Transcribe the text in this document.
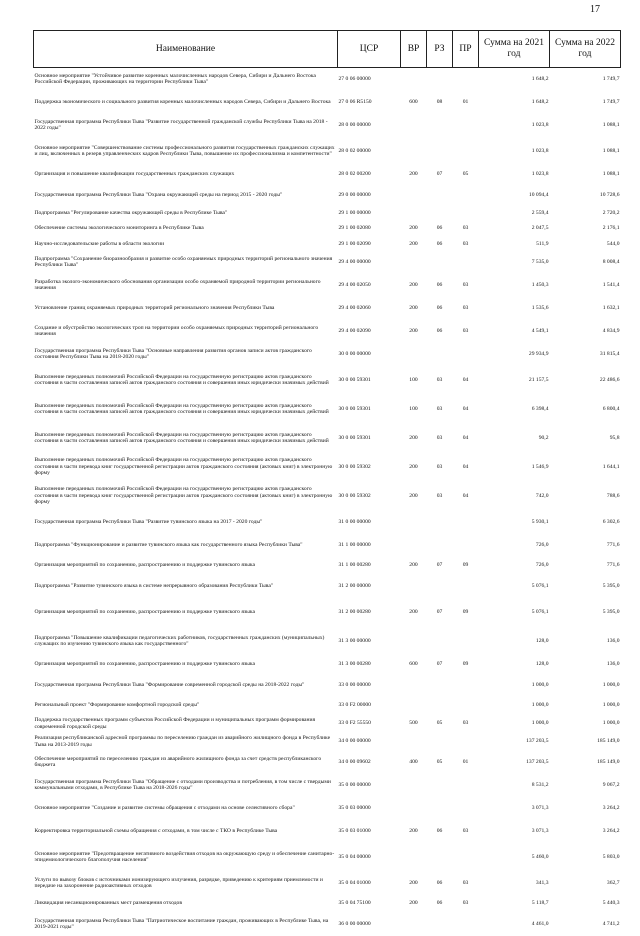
17
Наименование	ЦСР	ВР	РЗ	ПР	Сумма на 2021 год	Сумма на 2022 год
Основное мероприятие "Устойчивое развитие коренных малочисленных народов Севера, Сибири и Дальнего Востока Российской Федерации, проживающих на территории Республики Тыва"	27 0 06 00000				1 648,2	1 749,7
Поддержка экономического и социального развития коренных малочисленных народов Севера, Сибири и Дальнего Востока	27 0 06 R5150	600	08	01	1 648,2	1 749,7
Государственная программа Республики Тыва "Развитие государственной гражданской службы Республики Тыва на 2018 - 2022 годы"	28 0 00 00000				1 023,8	1 088,1
Основное мероприятие "Совершенствование системы профессионального развития государственных гражданских служащих и лиц, включенных в резерв управленческих кадров Республики Тыва, повышение их профессионализма и компетентности"	28 0 02 00000				1 023,8	1 088,1
Организация и повышение квалификации государственных гражданских служащих	28 0 02 00200	200	07	05	1 023,8	1 088,1
Государственная программа Республики Тыва "Охрана окружающей среды на период 2015 - 2020 годы"	29 0 00 00000				10 094,4	10 728,6
Подпрограмма "Регулирование качества окружающей среды в Республике Тыва"	29 1 00 00000				2 559,4	2 720,2
Обеспечение системы экологического мониторинга в Республике Тыва	29 1 00 02080	200	06	03	2 047,5	2 176,1
Научно-исследовательские работы в области экологии	29 1 00 02090	200	06	03	511,9	544,0
Подпрограмма "Сохранение биоразнообразия и развитие особо охраняемых природных территорий регионального значения Республики Тыва"	29 4 00 00000				7 535,0	8 008,4
Разработка эколого-экономического обоснования организации особо охраняемой природной территории регионального значения	29 4 00 02050	200	06	03	1 450,3	1 541,4
Установление границ охраняемых природных территорий регионального значения Республики Тыва	29 4 00 02060	200	06	03	1 535,6	1 632,1
Создание и обустройство экологических троп на территории особо охраняемых природных территорий регионального значения	29 4 00 02090	200	06	03	4 549,1	4 834,9
Государственная программа Республики Тыва "Основные направления развития органов записи актов гражданского состояния Республики Тыва на 2018-2020 годы"	30 0 00 00000				29 934,9	31 815,4
Выполнение переданных полномочий Российской Федерации на государственную регистрацию актов гражданского состояния в части составления записей актов гражданского состояния и совершения иных юридически значимых действий	30 0 00 59301	100	03	04	21 157,5	22 486,6
Выполнение переданных полномочий Российской Федерации на государственную регистрацию актов гражданского состояния в части составления записей актов гражданского состояния и совершения иных юридически значимых действий	30 0 00 59301	100	03	04	6 398,4	6 800,4
Выполнение переданных полномочий Российской Федерации на государственную регистрацию актов гражданского состояния в части составления записей актов гражданского состояния и совершения иных юридически значимых действий	30 0 00 59301	200	03	04	90,2	95,8
Выполнение переданных полномочий Российской Федерации на государственную регистрацию актов гражданского состояния в части перевода книг государственной регистрации актов гражданского состояния (актовых книг) в электронную форму	30 0 00 59302	200	03	04	1 546,9	1 644,1
Выполнение переданных полномочий Российской Федерации на государственную регистрацию актов гражданского состояния в части перевода книг государственной регистрации актов гражданского состояния (актовых книг) в электронную форму	30 0 00 59302	200	03	04	742,0	788,6
Государственная программа Республики Тыва "Развитие тувинского языка на 2017 - 2020 годы"	31 0 00 00000				5 930,1	6 302,6
Подпрограмма "Функционирование и развитие тувинского языка как государственного языка Республики Тыва"	31 1 00 00000				726,0	771,6
Организация мероприятий по сохранению, распространению и поддержке тувинского языка	31 1 00 00280	200	07	09	726,0	771,6
Подпрограмма "Развитие тувинского языка в системе непрерывного образования Республики Тыва"	31 2 00 00000				5 076,1	5 395,0
Организация мероприятий по сохранению, распространению и поддержке тувинского языка	31 2 00 00280	200	07	09	5 076,1	5 395,0
Подпрограмма "Повышение квалификации педагогических работников, государственных гражданских (муниципальных) служащих по изучению тувинского языка как государственного"	31 3 00 00000				128,0	136,0
Организация мероприятий по сохранению, распространению и поддержке тувинского языка	31 3 00 00280	600	07	09	128,0	136,0
Государственная программа Республики Тыва "Формирование современной городской среды на 2018-2022 годы"	33 0 00 00000				1 000,0	1 000,0
Региональный проект "Формирование комфортной городской среды"	33 0 F2 00000				1 000,0	1 000,0
Поддержка государственных программ субъектов Российской Федерации и муниципальных программ формирования современной городской среды	33 0 F2 55550	500	05	03	1 000,0	1 000,0
Реализация республиканской адресной программы по переселению граждан из аварийного жилищного фонда в Республике Тыва на 2013-2019 годы	34 0 00 00000				137 203,5	185 149,0
Обеспечение мероприятий по переселению граждан из аварийного жилищного фонда за счет средств республиканского бюджета	34 0 00 09602	400	05	01	137 203,5	185 149,0
Государственная программа Республики Тыва "Обращение с отходами производства и потребления, в том числе с твердыми коммунальными отходами, в Республике Тыва на 2018-2026 годы"	35 0 00 00000				8 531,2	9 067,2
Основное мероприятие "Создание и развитие системы обращения с отходами на основе селективного сбора"	35 0 03 00000				3 071,3	3 264,2
Корректировка территориальной схемы обращения с отходами, в том числе с ТКО в Республике Тыва	35 0 03 01000	200	06	03	3 071,3	3 264,2
Основное мероприятие "Предотвращение негативного воздействия отходов на окружающую среду и обеспечение санитарно-эпидемиологического благополучия населения"	35 0 04 00000				5 460,0	5 803,0
Услуги по вывозу блоков с источниками ионизирующего излучения, разрядке, приведению к критериям приемлемости и передаче на захоронение радиоактивных отходов	35 0 04 01000	200	06	03	341,3	362,7
Ликвидация несанкционированных мест размещения отходов	35 0 04 75100	200	06	03	5 118,7	5 440,3
Государственная программа Республики Тыва "Патриотическое воспитание граждан, проживающих в Республике Тыва, на 2019-2021 годы"	36 0 00 00000				4 461,0	4 741,2
